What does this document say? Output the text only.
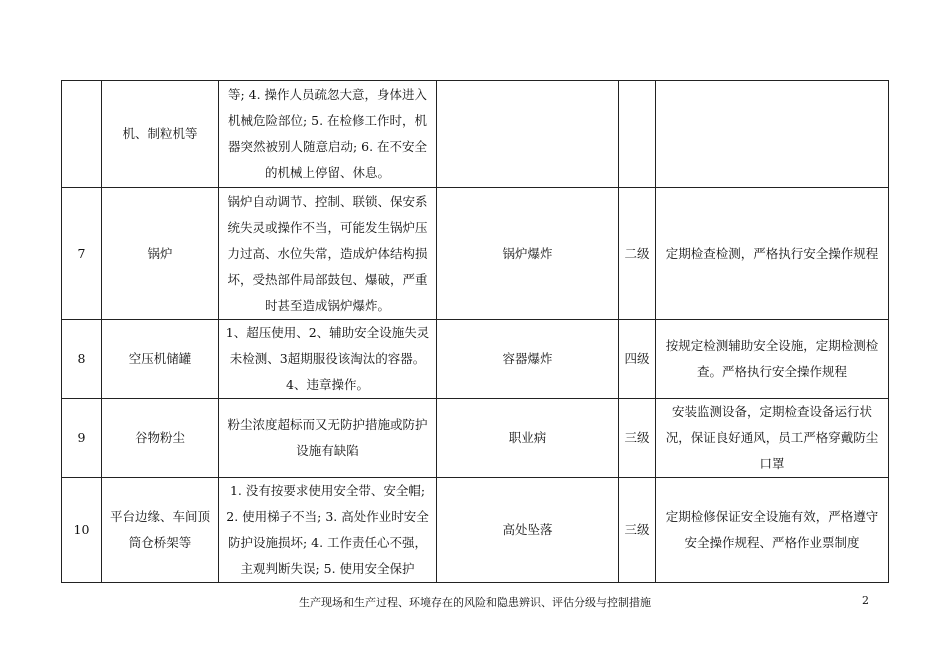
	机、制粒机等	等; 4. 操作人员疏忽大意，身体进入机械危险部位; 5. 在检修工作时，机器突然被别人随意启动; 6. 在不安全的机械上停留、休息。			
7	锅炉	锅炉自动调节、控制、联锁、保安系统失灵或操作不当，可能发生锅炉压力过高、水位失常，造成炉体结构损坏，受热部件局部鼓包、爆破，严重时甚至造成锅炉爆炸。	锅炉爆炸	二级	定期检查检测，严格执行安全操作规程
8	空压机储罐	1、超压使用、2、辅助安全设施失灵未检测、3超期服役该淘汰的容器。4、违章操作。	容器爆炸	四级	按规定检测辅助安全设施，定期检测检查。严格执行安全操作规程
9	谷物粉尘	粉尘浓度超标而又无防护措施或防护设施有缺陷	职业病	三级	安装监测设备，定期检查设备运行状况，保证良好通风，员工严格穿戴防尘口罩
10	平台边缘、车间顶筒仓桥架等	1. 没有按要求使用安全带、安全帽; 2. 使用梯子不当; 3. 高处作业时安全防护设施损坏; 4. 工作责任心不强，主观判断失误; 5. 使用安全保护	高处坠落	三级	定期检修保证安全设施有效，严格遵守安全操作规程、严格作业票制度
生产现场和生产过程、环境存在的风险和隐患辨识、评估分级与控制措施	2
